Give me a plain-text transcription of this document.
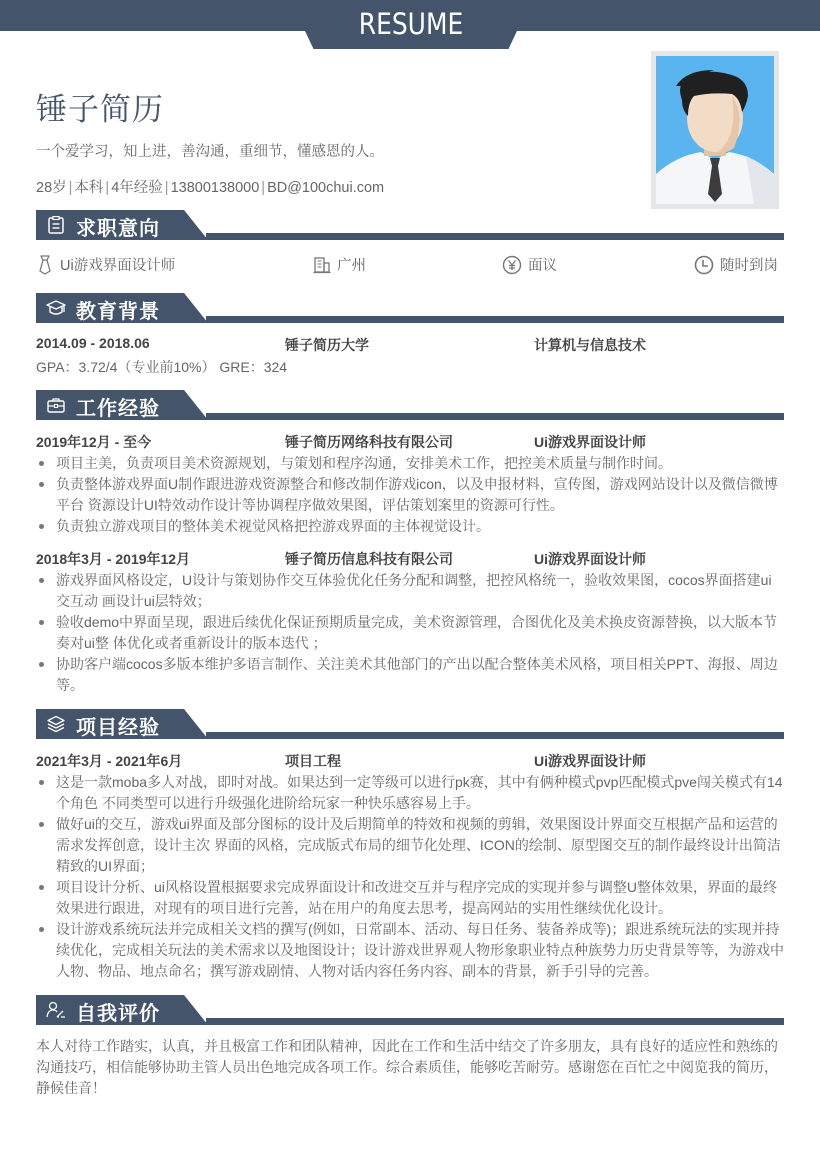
RESUME
锤子简历
一个爱学习，知上进，善沟通，重细节，懂感恩的人。
28岁 | 本科 | 4年经验 | 13800138000 | BD@100chui.com
求职意向
Ui游戏界面设计师	广州	面议	随时到岗
教育背景
2014.09 - 2018.06	锤子简历大学	计算机与信息技术
GPA：3.72/4（专业前10%） GRE：324
工作经验
2019年12月 - 至今	锤子简历网络科技有限公司	Ui游戏界面设计师
项目主美，负责项目美术资源规划，与策划和程序沟通，安排美术工作，把控美术质量与制作时间。
负责整体游戏界面U制作跟进游戏资源整合和修改制作游戏icon，以及申报材料，宣传图，游戏网站设计以及微信微博平台 资源设计UI特效动作设计等协调程序做效果图，评估策划案里的资源可行性。
负责独立游戏项目的整体美术视觉风格把控游戏界面的主体视觉设计。
2018年3月 - 2019年12月	锤子简历信息科技有限公司	Ui游戏界面设计师
游戏界面风格设定，U设计与策划协作交互体验优化任务分配和调整，把控风格统一，验收效果图，cocos界面搭建ui交互动 画设计ui层特效；
验收demo中界面呈现，跟进后续优化保证预期质量完成，美术资源管理，合图优化及美术换皮资源替换，以大版本节奏对ui整 体优化或者重新设计的版本迭代 ；
协助客户端cocos多版本维护多语言制作、关注美术其他部门的产出以配合整体美术风格，项目相关PPT、海报、周边等。
项目经验
2021年3月 - 2021年6月	项目工程	Ui游戏界面设计师
这是一款moba多人对战，即时对战。如果达到一定等级可以进行pk赛，其中有俩种模式pvp匹配模式pve闯关模式有14个角色 不同类型可以进行升级强化进阶给玩家一种快乐感容易上手。
做好ui的交互，游戏ui界面及部分图标的设计及后期简单的特效和视频的剪辑，效果图设计界面交互根据产品和运营的需求发挥创意，设计主次 界面的风格，完成版式布局的细节化处理、ICON的绘制、原型图交互的制作最终设计出简洁精致的UI界面；
项目设计分析、ui风格设置根据要求完成界面设计和改进交互并与程序完成的实现并参与调整U整体效果，界面的最终效果进行跟进，对现有的项目进行完善，站在用户的角度去思考，提高网站的实用性继续优化设计。
设计游戏系统玩法并完成相关文档的撰写(例如，日常副本、活动、每日任务、装备养成等)；跟进系统玩法的实现并持续优化，完成相关玩法的美术需求以及地图设计；设计游戏世界观人物形象职业特点种族势力历史背景等等，为游戏中人物、物品、地点命名；撰写游戏剧情、人物对话内容任务内容、副本的背景，新手引导的完善。
自我评价
本人对待工作踏实，认真，并且极富工作和团队精神，因此在工作和生活中结交了许多朋友，具有良好的适应性和熟练的沟通技巧，相信能够协助主管人员出色地完成各项工作。综合素质佳，能够吃苦耐劳。感谢您在百忙之中阅览我的简历，静候佳音！
